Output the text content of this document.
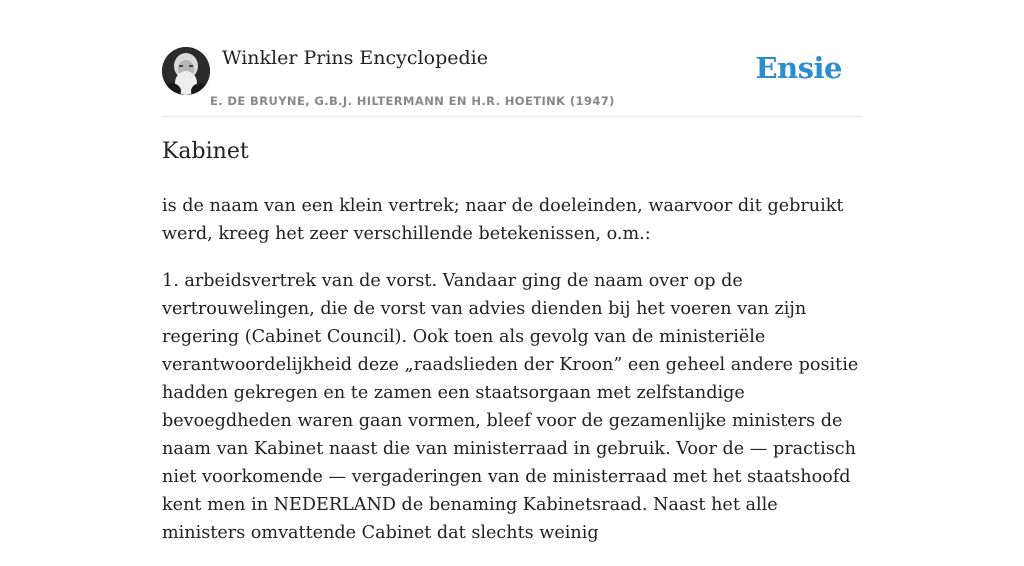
Winkler Prins Encyclopedie
E. DE BRUYNE, G.B.J. HILTERMANN EN H.R. HOETINK (1947)
Ensie
Kabinet

is de naam van een klein vertrek; naar de doeleinden, waarvoor dit gebruikt werd, kreeg het zeer verschillende betekenissen, o.m.:

1. arbeidsvertrek van de vorst. Vandaar ging de naam over op de vertrouwelingen, die de vorst van advies dienden bij het voeren van zijn regering (Cabinet Council). Ook toen als gevolg van de ministeriële verantwoordelijkheid deze „raadslieden der Kroon” een geheel andere positie hadden gekregen en te zamen een staatsorgaan met zelfstandige bevoegdheden waren gaan vormen, bleef voor de gezamenlijke ministers de naam van Kabinet naast die van ministerraad in gebruik. Voor de — practisch niet voorkomende — vergaderingen van de ministerraad met het staatshoofd kent men in NEDERLAND de benaming Kabinetsraad. Naast het alle ministers omvattende Cabinet dat slechts weinig
